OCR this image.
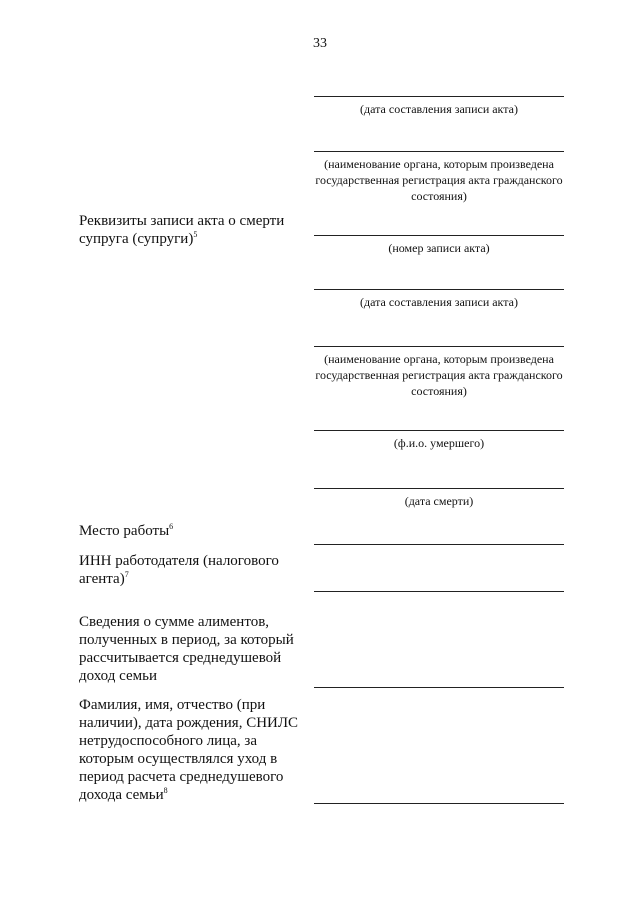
33
(дата составления записи акта)
(наименование органа, которым произведена государственная регистрация акта гражданского состояния)
Реквизиты записи акта о смерти супруга (супруги)$^5$
(номер записи акта)
(дата составления записи акта)
(наименование органа, которым произведена государственная регистрация акта гражданского состояния)
(ф.и.о. умершего)
(дата смерти)
Место работы$^6$
ИНН работодателя (налогового агента)$^7$
Сведения о сумме алиментов, полученных в период, за который рассчитывается среднедушевой доход семьи
Фамилия, имя, отчество (при наличии), дата рождения, СНИЛС нетрудоспособного лица, за которым осуществлялся уход в период расчета среднедушевого дохода семьи$^8$
